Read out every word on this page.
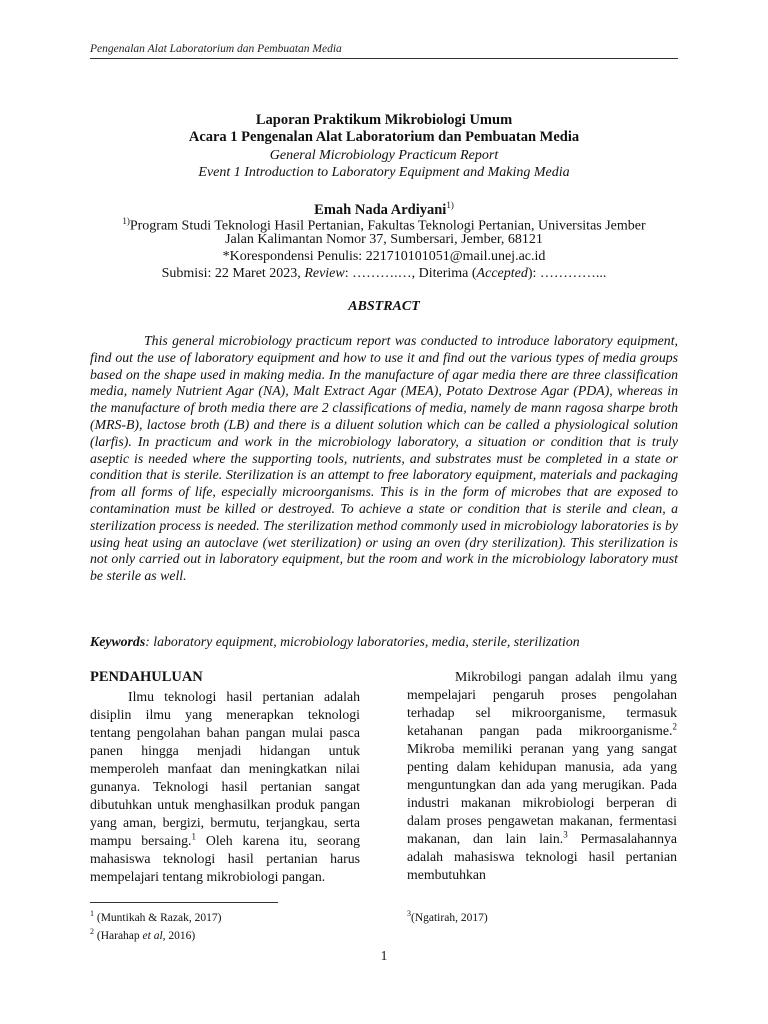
Pengenalan Alat Laboratorium dan Pembuatan Media
Laporan Praktikum Mikrobiologi Umum
Acara 1 Pengenalan Alat Laboratorium dan Pembuatan Media
General Microbiology Practicum Report
Event 1 Introduction to Laboratory Equipment and Making Media
Emah Nada Ardiyani$^{1)}$
$^{1)}$Program Studi Teknologi Hasil Pertanian, Fakultas Teknologi Pertanian, Universitas Jember
Jalan Kalimantan Nomor 37, Sumbersari, Jember, 68121
*Korespondensi Penulis: 221710101051@mail.unej.ac.id
Submisi: 22 Maret 2023, Review: ……….…, Diterima (Accepted): …………...
ABSTRACT

This general microbiology practicum report was conducted to introduce laboratory equipment, find out the use of laboratory equipment and how to use it and find out the various types of media groups based on the shape used in making media. In the manufacture of agar media there are three classification media, namely Nutrient Agar (NA), Malt Extract Agar (MEA), Potato Dextrose Agar (PDA), whereas in the manufacture of broth media there are 2 classifications of media, namely de mann ragosa sharpe broth (MRS-B), lactose broth (LB) and there is a diluent solution which can be called a physiological solution (larfis). In practicum and work in the microbiology laboratory, a situation or condition that is truly aseptic is needed where the supporting tools, nutrients, and substrates must be completed in a state or condition that is sterile. Sterilization is an attempt to free laboratory equipment, materials and packaging from all forms of life, especially microorganisms. This is in the form of microbes that are exposed to contamination must be killed or destroyed. To achieve a state or condition that is sterile and clean, a sterilization process is needed. The sterilization method commonly used in microbiology laboratories is by using heat using an autoclave (wet sterilization) or using an oven (dry sterilization). This sterilization is not only carried out in laboratory equipment, but the room and work in the microbiology laboratory must be sterile as well.

Keywords: laboratory equipment, microbiology laboratories, media, sterile, sterilization
PENDAHULUAN

Ilmu teknologi hasil pertanian adalah disiplin ilmu yang menerapkan teknologi tentang pengolahan bahan pangan mulai pasca panen hingga menjadi hidangan untuk memperoleh manfaat dan meningkatkan nilai gunanya. Teknologi hasil pertanian sangat dibutuhkan untuk menghasilkan produk pangan yang aman, bergizi, bermutu, terjangkau, serta mampu bersaing.$^1$ Oleh karena itu, seorang mahasiswa teknologi hasil pertanian harus mempelajari tentang mikrobiologi pangan.

Mikrobilogi pangan adalah ilmu yang mempelajari pengaruh proses pengolahan terhadap sel mikroorganisme, termasuk ketahanan pangan pada mikroorganisme.$^2$ Mikroba memiliki peranan yang yang sangat penting dalam kehidupan manusia, ada yang menguntungkan dan ada yang merugikan. Pada industri makanan mikrobiologi berperan di dalam proses pengawetan makanan, fermentasi makanan, dan lain lain.$^3$ Permasalahannya adalah mahasiswa teknologi hasil pertanian membutuhkan

$^1$ (Muntikah & Razak, 2017)
$^2$ (Harahap et al, 2016)
$^3$(Ngatirah, 2017)
1
